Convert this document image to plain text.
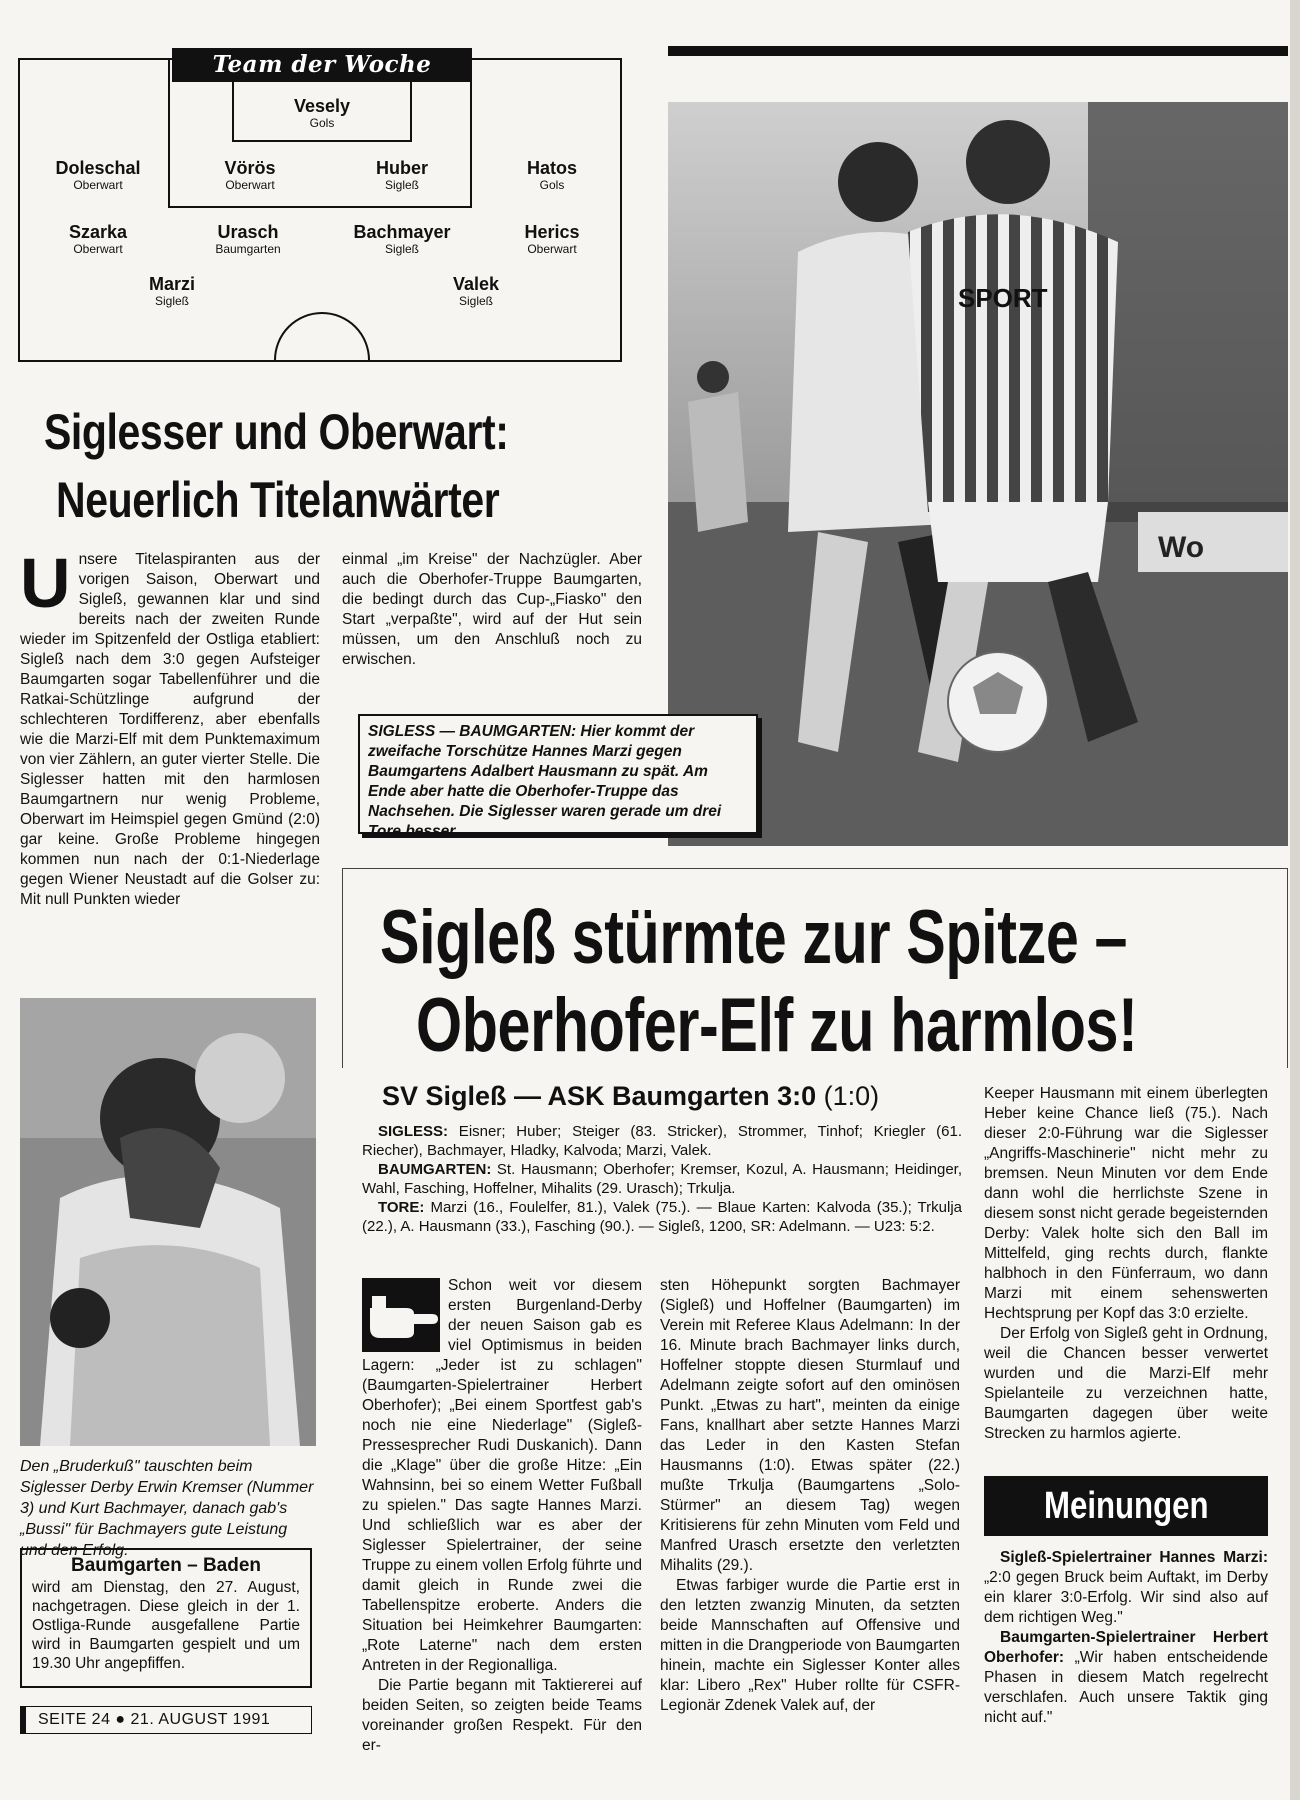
Team der Woche
Vesely
Gols
Doleschal
Oberwart
Vörös
Oberwart
Huber
Sigleß
Hatos
Gols
Szarka
Oberwart
Urasch
Baumgarten
Bachmayer
Sigleß
Herics
Oberwart
Marzi
Sigleß
Valek
Sigleß
Siglesser und Oberwart:
Neuerlich Titelanwärter
Unsere Titelaspiranten aus der vorigen Saison, Oberwart und Sigleß, gewannen klar und sind bereits nach der zweiten Runde wieder im Spitzenfeld der Ostliga etabliert: Sigleß nach dem 3:0 gegen Aufsteiger Baumgarten sogar Tabellenführer und die Ratkai-Schützlinge aufgrund der schlechteren Tordifferenz, aber ebenfalls wie die Marzi-Elf mit dem Punktemaximum von vier Zählern, an guter vierter Stelle. Die Siglesser hatten mit den harmlosen Baumgartnern nur wenig Probleme, Oberwart im Heimspiel gegen Gmünd (2:0) gar keine. Große Probleme hingegen kommen nun nach der 0:1-Niederlage gegen Wiener Neustadt auf die Golser zu: Mit null Punkten wieder
einmal „im Kreise" der Nachzügler. Aber auch die Oberhofer-Truppe Baumgarten, die bedingt durch das Cup-„Fiasko" den Start „verpaßte", wird auf der Hut sein müssen, um den Anschluß noch zu erwischen.
Wo
SPORT
SIGLESS — BAUMGARTEN: Hier kommt der zweifache Torschütze Hannes Marzi gegen Baumgartens Adalbert Hausmann zu spät. Am Ende aber hatte die Oberhofer-Truppe das Nachsehen. Die Siglesser waren gerade um drei Tore besser.
Den „Bruderkuß" tauschten beim Siglesser Derby Erwin Kremser (Nummer 3) und Kurt Bachmayer, danach gab's „Bussi" für Bachmayers gute Leistung und den Erfolg.
Baumgarten – Baden
wird am Dienstag, den 27. August, nachgetragen. Diese gleich in der 1. Ostliga-Runde ausgefallene Partie wird in Baumgarten gespielt und um 19.30 Uhr angepfiffen.
SEITE 24 ● 21. AUGUST 1991
Sigleß stürmte zur Spitze –
Oberhofer-Elf zu harmlos!
SV Sigleß — ASK Baumgarten 3:0 (1:0)

SIGLESS: Eisner; Huber; Steiger (83. Stricker), Strommer, Tinhof; Kriegler (61. Riecher), Bachmayer, Hladky, Kalvoda; Marzi, Valek.

BAUMGARTEN: St. Hausmann; Oberhofer; Kremser, Kozul, A. Hausmann; Heidinger, Wahl, Fasching, Hoffelner, Mihalits (29. Urasch); Trkulja.

TORE: Marzi (16., Foulelfer, 81.), Valek (75.). — Blaue Karten: Kalvoda (35.); Trkulja (22.), A. Hausmann (33.), Fasching (90.). — Sigleß, 1200, SR: Adelmann. — U23: 5:2.

Schon weit vor diesem ersten Burgenland-Derby der neuen Saison gab es viel Optimismus in beiden Lagern: „Jeder ist zu schlagen" (Baumgarten-Spielertrainer Herbert Oberhofer); „Bei einem Sportfest gab's noch nie eine Niederlage" (Sigleß-Pressesprecher Rudi Duskanich). Dann die „Klage" über die große Hitze: „Ein Wahnsinn, bei so einem Wetter Fußball zu spielen." Das sagte Hannes Marzi. Und schließlich war es aber der Siglesser Spielertrainer, der seine Truppe zu einem vollen Erfolg führte und damit gleich in Runde zwei die Tabellenspitze eroberte. Anders die Situation bei Heimkehrer Baumgarten: „Rote Laterne" nach dem ersten Antreten in der Regionalliga.

Die Partie begann mit Taktiererei auf beiden Seiten, so zeigten beide Teams voreinander großen Respekt. Für den er-

sten Höhepunkt sorgten Bachmayer (Sigleß) und Hoffelner (Baumgarten) im Verein mit Referee Klaus Adelmann: In der 16. Minute brach Bachmayer links durch, Hoffelner stoppte diesen Sturmlauf und Adelmann zeigte sofort auf den ominösen Punkt. „Etwas zu hart", meinten da einige Fans, knallhart aber setzte Hannes Marzi das Leder in den Kasten Stefan Hausmanns (1:0). Etwas später (22.) mußte Trkulja (Baumgartens „Solo-Stürmer" an diesem Tag) wegen Kritisierens für zehn Minuten vom Feld und Manfred Urasch ersetzte den verletzten Mihalits (29.).

Etwas farbiger wurde die Partie erst in den letzten zwanzig Minuten, da setzten beide Mannschaften auf Offensive und mitten in die Drangperiode von Baumgarten hinein, machte ein Siglesser Konter alles klar: Libero „Rex" Huber rollte für CSFR-Legionär Zdenek Valek auf, der

Keeper Hausmann mit einem überlegten Heber keine Chance ließ (75.). Nach dieser 2:0-Führung war die Siglesser „Angriffs-Maschinerie" nicht mehr zu bremsen. Neun Minuten vor dem Ende dann wohl die herrlichste Szene in diesem sonst nicht gerade begeisternden Derby: Valek holte sich den Ball im Mittelfeld, ging rechts durch, flankte halbhoch in den Fünferraum, wo dann Marzi mit einem sehenswerten Hechtsprung per Kopf das 3:0 erzielte.

Der Erfolg von Sigleß geht in Ordnung, weil die Chancen besser verwertet wurden und die Marzi-Elf mehr Spielanteile zu verzeichnen hatte, Baumgarten dagegen über weite Strecken zu harmlos agierte.

Meinungen

Sigleß-Spielertrainer Hannes Marzi: „2:0 gegen Bruck beim Auftakt, im Derby ein klarer 3:0-Erfolg. Wir sind also auf dem richtigen Weg."

Baumgarten-Spielertrainer Herbert Oberhofer: „Wir haben entscheidende Phasen in diesem Match regelrecht verschlafen. Auch unsere Taktik ging nicht auf."
